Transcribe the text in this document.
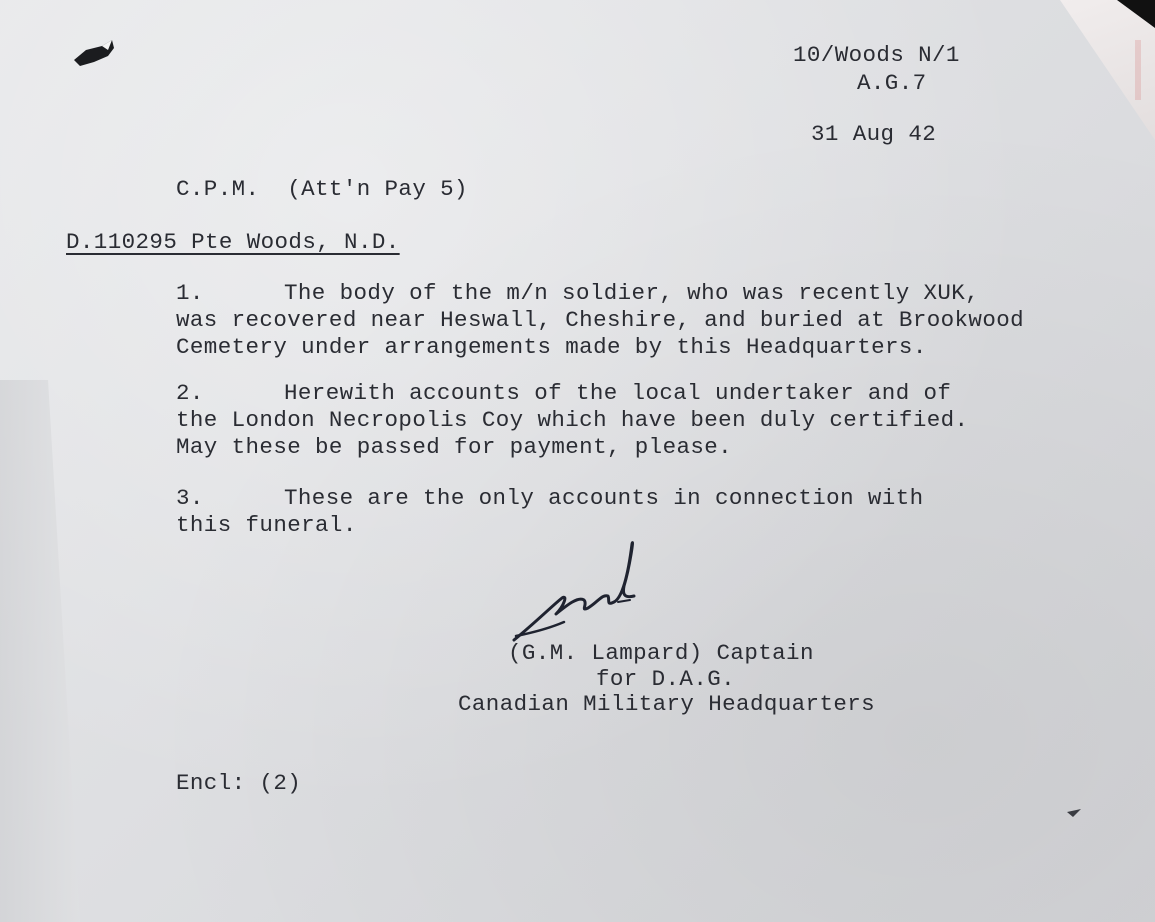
10/Woods N/1
A.G.7
31 Aug 42
C.P.M.  (Att'n Pay 5)
D.110295 Pte Woods, N.D.
1.	The body of the m/n soldier, who was recently XUK,
was recovered near Heswall, Cheshire, and buried at Brookwood
Cemetery under arrangements made by this Headquarters.
2.	Herewith accounts of the local undertaker and of
the London Necropolis Coy which have been duly certified.
May these be passed for payment, please.
3.	These are the only accounts in connection with
this funeral.
(G.M. Lampard) Captain
for D.A.G.
Canadian Military Headquarters
Encl: (2)
